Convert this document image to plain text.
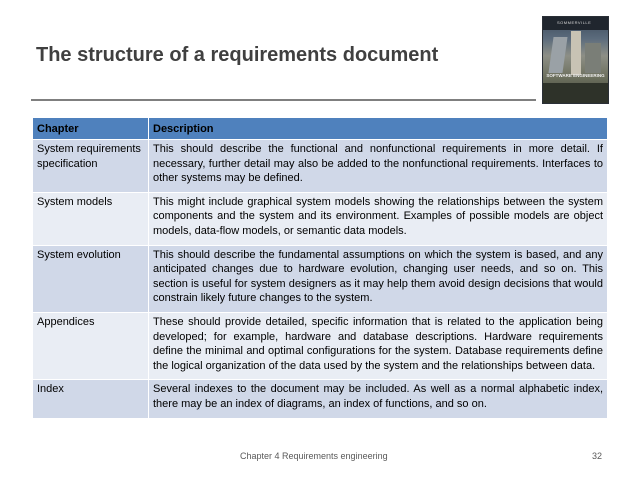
The structure of a requirements document
SOMMERVILLE
SOFTWARE ENGINEERING
Chapter	Description
System requirements specification	This should describe the functional and nonfunctional requirements in more detail. If necessary, further detail may also be added to the nonfunctional requirements. Interfaces to other systems may be defined.
System models	This might include graphical system models showing the relationships between the system components and the system and its environment. Examples of possible models are object models, data-flow models, or semantic data models.
System evolution	This should describe the fundamental assumptions on which the system is based, and any anticipated changes due to hardware evolution, changing user needs, and so on. This section is useful for system designers as it may help them avoid design decisions that would constrain likely future changes to the system.
Appendices	These should provide detailed, specific information that is related to the application being developed; for example, hardware and database descriptions. Hardware requirements define the minimal and optimal configurations for the system. Database requirements define the logical organization of the data used by the system and the relationships between data.
Index	Several indexes to the document may be included. As well as a normal alphabetic index, there may be an index of diagrams, an index of functions, and so on.
Chapter 4 Requirements engineering	32
